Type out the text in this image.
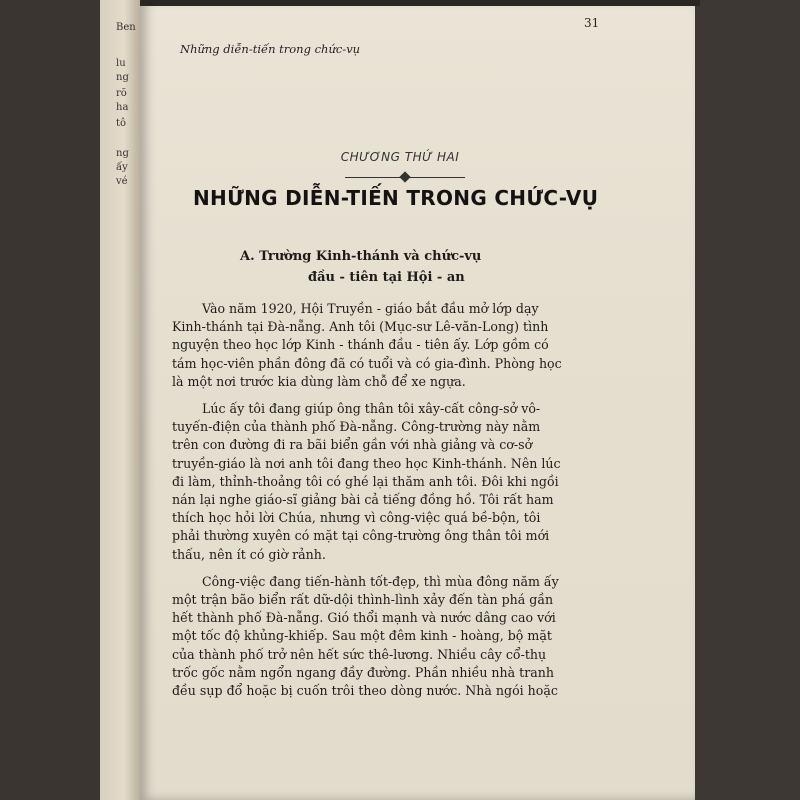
Ben
lu
ng
rõ
ha
tô
ng
ấy
vé
31
Những diễn-tiến trong chức-vụ
CHƯƠNG THỨ HAI
NHỮNG DIỄN-TIẾN TRONG CHỨC-VỤ
A. Trường Kinh-thánh và chức-vụ
đầu - tiên tại Hội - an
Vào năm 1920, Hội Truyền - giáo bắt đầu mở lớp dạy
Kinh-thánh tại Đà-nẵng. Anh tôi (Mục-sư Lê-văn-Long) tình
nguyện theo học lớp Kinh - thánh đầu - tiên ấy. Lớp gồm có
tám học-viên phần đông đã có tuổi và có gia-đình. Phòng học
là một nơi trước kia dùng làm chỗ để xe ngựa.
Lúc ấy tôi đang giúp ông thân tôi xây-cất công-sở vô-
tuyến-điện của thành phố Đà-nẵng. Công-trường này nằm
trên con đường đi ra bãi biển gần với nhà giảng và cơ-sở
truyền-giáo là nơi anh tôi đang theo học Kinh-thánh. Nên lúc
đi làm, thỉnh-thoảng tôi có ghé lại thăm anh tôi. Đôi khi ngồi
nán lại nghe giáo-sĩ giảng bài cả tiếng đồng hồ. Tôi rất ham
thích học hỏi lời Chúa, nhưng vì công-việc quá bề-bộn, tôi
phải thường xuyên có mặt tại công-trường ông thân tôi mới
thấu, nên ít có giờ rảnh.
Công-việc đang tiến-hành tốt-đẹp, thì mùa đông năm ấy
một trận bão biển rất dữ-dội thình-lình xảy đến tàn phá gần
hết thành phố Đà-nẵng. Gió thổi mạnh và nước dâng cao với
một tốc độ khủng-khiếp. Sau một đêm kinh - hoàng, bộ mặt
của thành phố trở nên hết sức thê-lương. Nhiều cây cổ-thụ
trốc gốc nằm ngổn ngang đầy đường. Phần nhiều nhà tranh
đều sụp đổ hoặc bị cuốn trôi theo dòng nước. Nhà ngói hoặc
